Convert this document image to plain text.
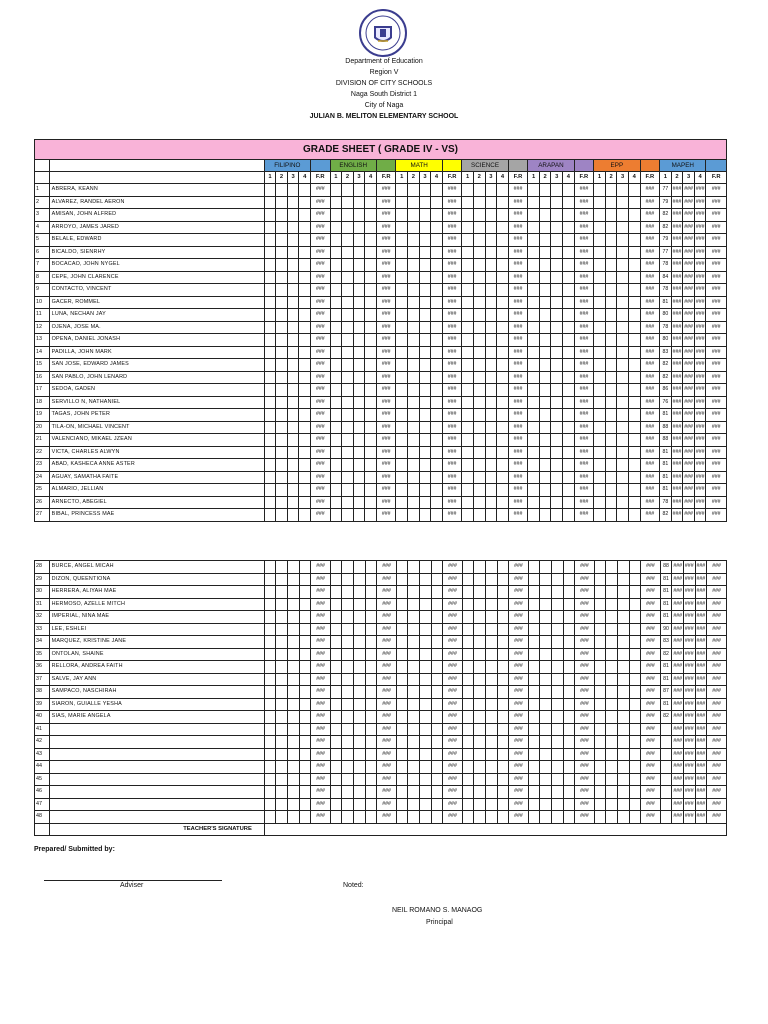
Department of Education
Region V
DIVISION OF CITY SCHOOLS
Naga South District 1
City of Naga
JULIAN B. MELITON ELEMENTARY SCHOOL
GRADE SHEET ( GRADE IV - VS)																																				
		FILIPINO					ENGLISH					MATH					SCIENCE					ARAPAN					EPP					MAPEH				
		1	2	3	4	F.R	1	2	3	4	F.R	1	2	3	4	F.R	1	2	3	4	F.R	1	2	3	4	F.R	1	2	3	4	F.R	1	2	3	4	F.R
1	ABRERA, KEANN					###					###					###					###					###					###	77	###	###	###	###
2	ALVAREZ, RANDEL AERON					###					###					###					###					###					###	79	###	###	###	###
3	AMISAN, JOHN ALFRED					###					###					###					###					###					###	82	###	###	###	###
4	ARROYO, JAMES JARED					###					###					###					###					###					###	82	###	###	###	###
5	BELALE, EDWARD					###					###					###					###					###					###	79	###	###	###	###
6	BICALDO, SIENRHY					###					###					###					###					###					###	77	###	###	###	###
7	BOCACAO, JOHN NYGEL					###					###					###					###					###					###	78	###	###	###	###
8	CEPE, JOHN CLARENCE					###					###					###					###					###					###	84	###	###	###	###
9	CONTACTO, VINCENT					###					###					###					###					###					###	78	###	###	###	###
10	GACER, ROMMEL					###					###					###					###					###					###	81	###	###	###	###
11	LUNA, NECHAN JAY					###					###					###					###					###					###	80	###	###	###	###
12	OJENA, JOSE MA.					###					###					###					###					###					###	78	###	###	###	###
13	OPENA, DANIEL JONASH					###					###					###					###					###					###	80	###	###	###	###
14	PADILLA, JOHN MARK					###					###					###					###					###					###	83	###	###	###	###
15	SAN JOSE, EDWARD JAMES					###					###					###					###					###					###	82	###	###	###	###
16	SAN PABLO, JOHN LENARD					###					###					###					###					###					###	82	###	###	###	###
17	SEDOA, GADEN					###					###					###					###					###					###	86	###	###	###	###
18	SERVILLO N, NATHANIEL					###					###					###					###					###					###	76	###	###	###	###
19	TAGAS, JOHN PETER					###					###					###					###					###					###	81	###	###	###	###
20	TILA-ON, MICHAEL VINCENT					###					###					###					###					###					###	88	###	###	###	###
21	VALENCIANO, MIKAEL JZEAN					###					###					###					###					###					###	88	###	###	###	###
22	VICTA, CHARLES ALWYN					###					###					###					###					###					###	81	###	###	###	###
23	ABAD, KASHECA ANNE ASTER					###					###					###					###					###					###	81	###	###	###	###
24	AGUAY, SAMATHA FAITE					###					###					###					###					###					###	81	###	###	###	###
25	ALMARIO, JELLIAN					###					###					###					###					###					###	81	###	###	###	###
26	ARNECTO, ABEGIEL					###					###					###					###					###					###	78	###	###	###	###
27	BIBAL, PRINCESS MAE					###					###					###					###					###					###	82	###	###	###	###
28	BURCE, ANGEL MICAH					###					###					###					###					###					###	88	###	###	###	###
29	DIZON, QUEENTIONA					###					###					###					###					###					###	81	###	###	###	###
30	HERRERA, ALIYAH MAE					###					###					###					###					###					###	81	###	###	###	###
31	HERMOSO, AZELLE MITCH					###					###					###					###					###					###	81	###	###	###	###
32	IMPERIAL, NINA MAE					###					###					###					###					###					###	81	###	###	###	###
33	LEE, ESHLEI					###					###					###					###					###					###	90	###	###	###	###
34	MARQUEZ, KRISTINE JANE					###					###					###					###					###					###	83	###	###	###	###
35	ONTOLAN, SHAINE					###					###					###					###					###					###	82	###	###	###	###
36	RELLORA, ANDREA FAITH					###					###					###					###					###					###	81	###	###	###	###
37	SALVE, JAY ANN					###					###					###					###					###					###	81	###	###	###	###
38	SAMPACO, NASCHIRAH					###					###					###					###					###					###	87	###	###	###	###
39	SIARON, GUIALLE YESHA					###					###					###					###					###					###	81	###	###	###	###
40	SIAS, MARIE ANGELA					###					###					###					###					###					###	82	###	###	###	###
41						###					###					###					###					###					###		###	###	###	###
42						###					###					###					###					###					###		###	###	###	###
43						###					###					###					###					###					###		###	###	###	###
44						###					###					###					###					###					###		###	###	###	###
45						###					###					###					###					###					###		###	###	###	###
46						###					###					###					###					###					###		###	###	###	###
47						###					###					###					###					###					###		###	###	###	###
48						###					###					###					###					###					###		###	###	###	###
	TEACHER'S SIGNATURE																																			
Prepared/ Submitted by:
Adviser	Noted:
NEIL ROMANO S. MANAOG
Principal
